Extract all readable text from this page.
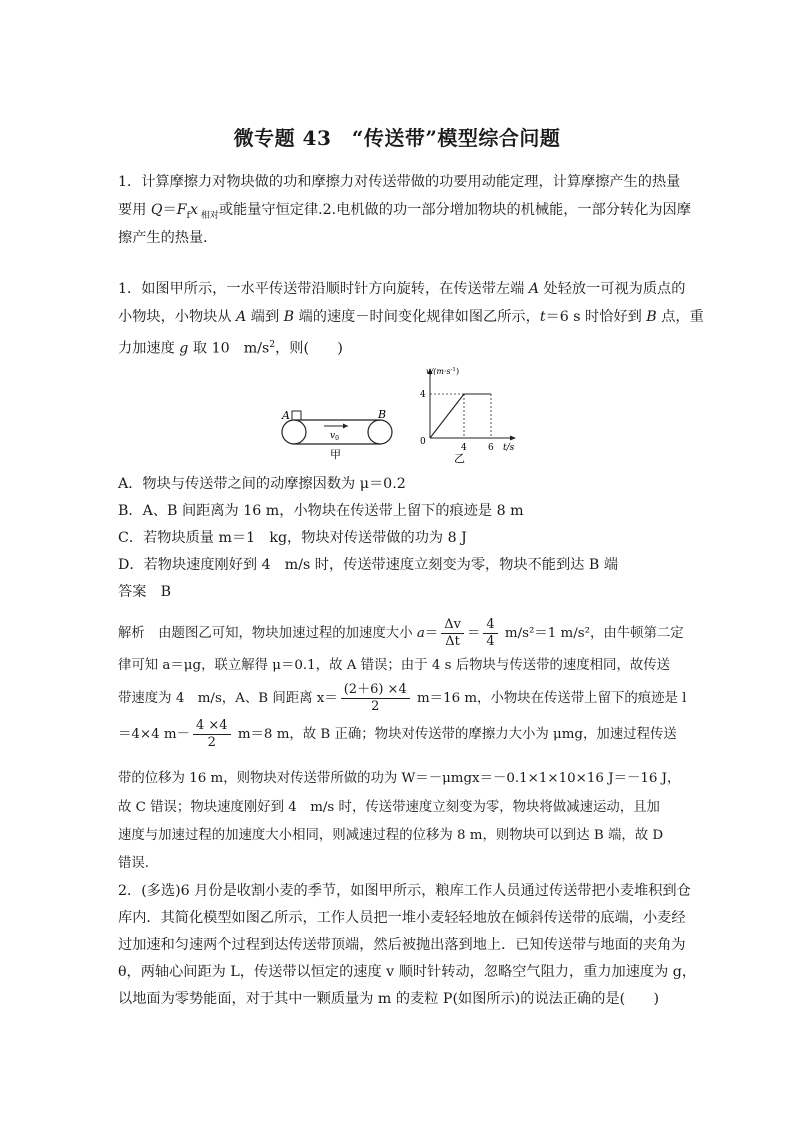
微专题 43　“传送带”模型综合问题
1．计算摩擦力对物块做的功和摩擦力对传送带做的功要用动能定理，计算摩擦产生的热量
要用 $Q=F_fx$ $_{相对}$或能量守恒定律.2.电机做的功一部分增加物块的机械能，一部分转化为因摩
擦产生的热量．
1．如图甲所示，一水平传送带沿顺时针方向旋转，在传送带左端 A 处轻放一可视为质点的
小物块，小物块从 A 端到 B 端的速度－时间变化规律如图乙所示，t＝6 s 时恰好到 B 点，重
力加速度 g 取 10　$m/s^2$，则(　　)
A	B
$v_0$
甲
$v/(m\cdot s^{-1})$
4
0
4 6 t/s
乙
A．物块与传送带之间的动摩擦因数为 μ＝0.2
B．A、B 间距离为 16 m，小物块在传送带上留下的痕迹是 8 m
C．若物块质量 m＝1　kg，物块对传送带做的功为 8 J
D．若物块速度刚好到 4　m/s 时，传送带速度立刻变为零，物块不能到达 B 端
答案　B
解析　由题图乙可知，物块加速过程的加速度大小 $a= \frac{\Delta v}{\Delta t} = \frac{4}{4} m/s^2=1$ m/s²，由牛顿第二定
律可知 a＝μg，联立解得 μ＝0.1，故 A 错误；由于 4 s 后物块与传送带的速度相同，故传送
带速度为 4　m/s，A、B 间距离 $x= \frac{(2+6) \times 4}{2} m=16$ m，小物块在传送带上留下的痕迹是 l
＝4×4 $m- \frac{4 \times 4}{2} m=8$ m，故 B 正确；物块对传送带的摩擦力大小为 μmg，加速过程传送
带的位移为 16 m，则物块对传送带所做的功为 W＝－μmgx＝－0.1×1×10×16 J＝－16 J，
故 C 错误；物块速度刚好到 4　m/s 时，传送带速度立刻变为零，物块将做减速运动，且加
速度与加速过程的加速度大小相同，则减速过程的位移为 8 m，则物块可以到达 B 端，故 D
错误．
2．(多选)6 月份是收割小麦的季节，如图甲所示，粮库工作人员通过传送带把小麦堆积到仓
库内．其简化模型如图乙所示，工作人员把一堆小麦轻轻地放在倾斜传送带的底端，小麦经
过加速和匀速两个过程到达传送带顶端，然后被抛出落到地上．已知传送带与地面的夹角为
θ，两轴心间距为 L，传送带以恒定的速度 v 顺时针转动，忽略空气阻力，重力加速度为 g，
以地面为零势能面，对于其中一颗质量为 m 的麦粒 P(如图所示)的说法正确的是(　　)
